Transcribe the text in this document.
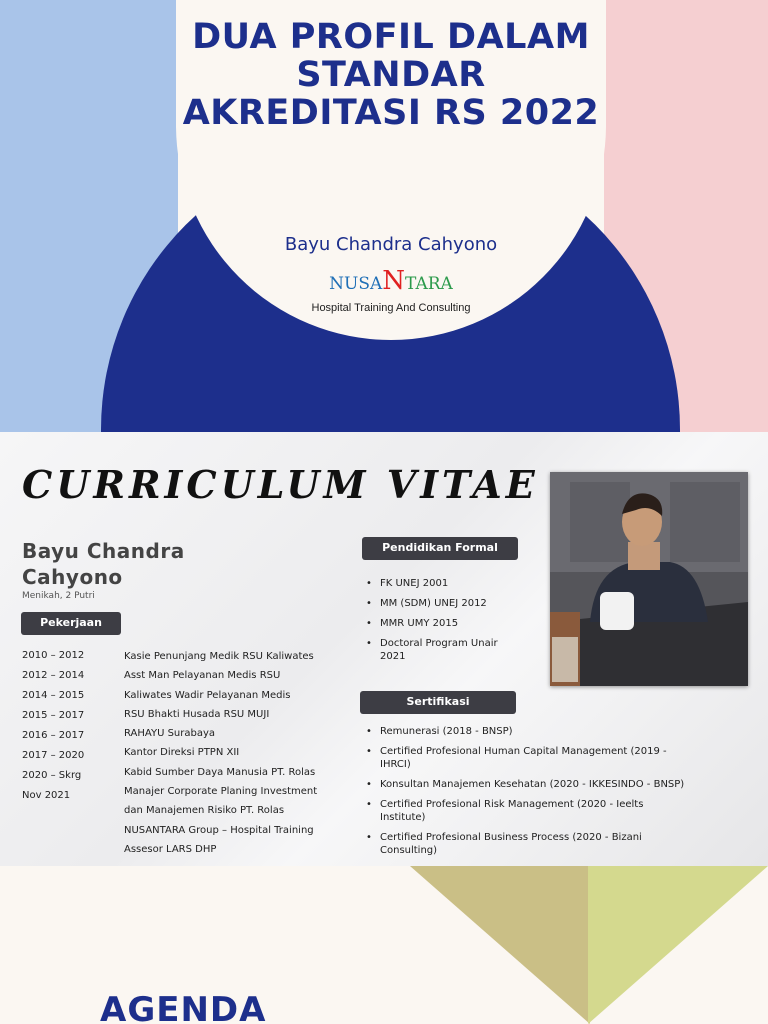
DUA PROFIL DALAM STANDAR AKREDITASI RS 2022
Bayu Chandra Cahyono
NUSANTARA
Hospital Training And Consulting
CURRICULUM VITAE
Bayu Chandra Cahyono
Menikah, 2 Putri
Pekerjaan
2010 – 2012
2012 – 2014
2014 – 2015
2015 – 2017
2016 – 2017
2017 – 2020
2020 – Skrg
Nov 2021
Kasie Penunjang Medik RSU Kaliwates
Asst Man Pelayanan Medis RSU
Kaliwates Wadir Pelayanan Medis
RSU Bhakti Husada RSU MUJI
RAHAYU Surabaya
Kantor Direksi PTPN XII
Kabid Sumber Daya Manusia PT. Rolas
Manajer Corporate Planing Investment
dan Manajemen Risiko PT. Rolas
NUSANTARA Group – Hospital Training
Assesor LARS DHP
Pendidikan Formal
• FK UNEJ 2001
• MM (SDM) UNEJ 2012
• MMR UMY 2015
• Doctoral Program Unair 2021
Sertifikasi
• Remunerasi (2018 - BNSP)
• Certified Profesional Human Capital Management (2019 - IHRCI)
• Konsultan Manajemen Kesehatan (2020 - IKKESINDO - BNSP)
• Certified Profesional Risk Management (2020 - Ieelts Institute)
• Certified Profesional Business Process (2020 - Bizani Consulting)
AGENDA
